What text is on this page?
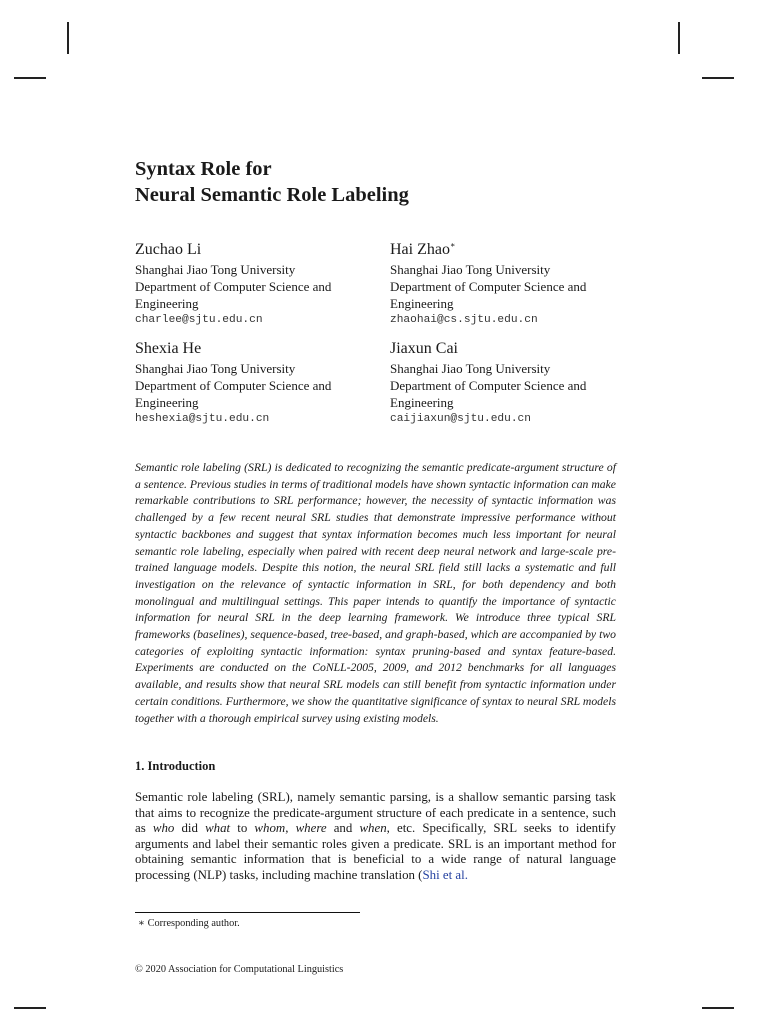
Syntax Role for
Neural Semantic Role Labeling
Zuchao Li
Shanghai Jiao Tong University
Department of Computer Science and
Engineering
charlee@sjtu.edu.cn
Hai Zhao∗
Shanghai Jiao Tong University
Department of Computer Science and
Engineering
zhaohai@cs.sjtu.edu.cn
Shexia He
Shanghai Jiao Tong University
Department of Computer Science and
Engineering
heshexia@sjtu.edu.cn
Jiaxun Cai
Shanghai Jiao Tong University
Department of Computer Science and
Engineering
caijiaxun@sjtu.edu.cn

Semantic role labeling (SRL) is dedicated to recognizing the semantic predicate-argument structure of a sentence. Previous studies in terms of traditional models have shown syntactic information can make remarkable contributions to SRL performance; however, the necessity of syntactic information was challenged by a few recent neural SRL studies that demonstrate impressive performance without syntactic backbones and suggest that syntax information becomes much less important for neural semantic role labeling, especially when paired with recent deep neural network and large-scale pre-trained language models. Despite this notion, the neural SRL field still lacks a systematic and full investigation on the relevance of syntactic information in SRL, for both dependency and both monolingual and multilingual settings. This paper intends to quantify the importance of syntactic information for neural SRL in the deep learning framework. We introduce three typical SRL frameworks (baselines), sequence-based, tree-based, and graph-based, which are accompanied by two categories of exploiting syntactic information: syntax pruning-based and syntax feature-based. Experiments are conducted on the CoNLL-2005, 2009, and 2012 benchmarks for all languages available, and results show that neural SRL models can still benefit from syntactic information under certain conditions. Furthermore, we show the quantitative significance of syntax to neural SRL models together with a thorough empirical survey using existing models.

1. Introduction

Semantic role labeling (SRL), namely semantic parsing, is a shallow semantic parsing task that aims to recognize the predicate-argument structure of each predicate in a sentence, such as who did what to whom, where and when, etc. Specifically, SRL seeks to identify arguments and label their semantic roles given a predicate. SRL is an important method for obtaining semantic information that is beneficial to a wide range of natural language processing (NLP) tasks, including machine translation (Shi et al.

∗ Corresponding author.
© 2020 Association for Computational Linguistics
